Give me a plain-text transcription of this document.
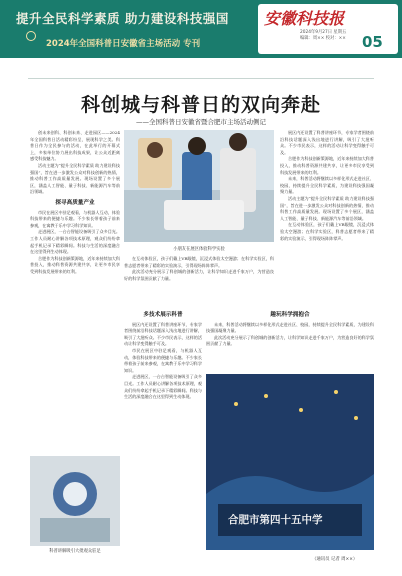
提升全民科学素质 助力建设科技强国
2024年全国科普日安徽省主场活动 专刊
安徽科技报
2024年9月27日 星期五
编辑：周×× 校对：×× 05
科创城与科普日的双向奔赴
——全国科普日安徽省暨合肥市主场活动侧记

创未来创科、科创未来、走进园区——2024年全国科普日活动精彩纷呈，展现科学之美。科普日作为全民参与的活动，在此举行的开幕式上，多家单位协力展出科技成果，让公众近距离感受科技魅力。

活动主题为“提升全民科学素质 助力建设科技强国”，旨在进一步激发公众对科技创新的热情，推动科普工作高质量发展。现场设置了多个展区，涵盖人工智能、量子科技、新能源汽车等前沿领域。

探寻高质量产业

市民在展区中驻足观看，与机器人互动，体验科技带来的便捷与乐趣。不少家长带着孩子前来参观，在寓教于乐中学习科学知识。

走进展区，一台台智能设备吸引了众多目光。工作人员耐心讲解各项技术原理，观众们纷纷拿起手机记录下精彩瞬间。科技与生活的深度融合在这里得到生动体现。

合肥作为科技创新策源地，近年来持续加大科普投入，推动科普资源共建共享，让更多市民享受到科技发展带来的红利。

小朋友在展区体验科学实验

在互动体验区，孩子们戴上VR眼镜，沉浸式体验太空漫游；在科学实验区，科普志愿者带来了精彩的实验演示，引得现场阵阵掌声。

此次活动充分展示了科创城的创新活力，让科学知识走进千家万户，为营造良好的科学氛围贡献了力量。

多技术展示科普

展区内还设置了科普讲座环节，专家学者围绕前沿科技话题深入浅出地进行讲解，吸引了大批听众。不少市民表示，这样的活动让科学变得触手可及。

市民在展区中驻足观看，与机器人互动，体验科技带来的便捷与乐趣。不少家长带着孩子前来参观，在寓教于乐中学习科学知识。

走进展区，一台台智能设备吸引了众多目光。工作人员耐心讲解各项技术原理，观众们纷纷拿起手机记录下精彩瞬间。科技与生活的深度融合在这里得到生动体现。

展区内还设置了科普讲座环节，专家学者围绕前沿科技话题深入浅出地进行讲解，吸引了大批听众。不少市民表示，这样的活动让科学变得触手可及。

合肥作为科技创新策源地，近年来持续加大科普投入，推动科普资源共建共享，让更多市民享受到科技发展带来的红利。

未来，科普活动将继续以多样化形式走进社区、校园，持续提升全民科学素质，为建设科技强国凝聚力量。

活动主题为“提升全民科学素质 助力建设科技强国”，旨在进一步激发公众对科技创新的热情，推动科普工作高质量发展。现场设置了多个展区，涵盖人工智能、量子科技、新能源汽车等前沿领域。

在互动体验区，孩子们戴上VR眼镜，沉浸式体验太空漫游；在科学实验区，科普志愿者带来了精彩的实验演示，引得现场阵阵掌声。

趣玩科学拥抱合

未来，科普活动将继续以多样化形式走进社区、校园，持续提升全民科学素质，为建设科技强国凝聚力量。

此次活动充分展示了科创城的创新活力，让科学知识走进千家万户，为营造良好的科学氛围贡献了力量。

科普讲解吸引大批观众驻足
合肥市第四十五中学
（通讯员 记者 周××）
